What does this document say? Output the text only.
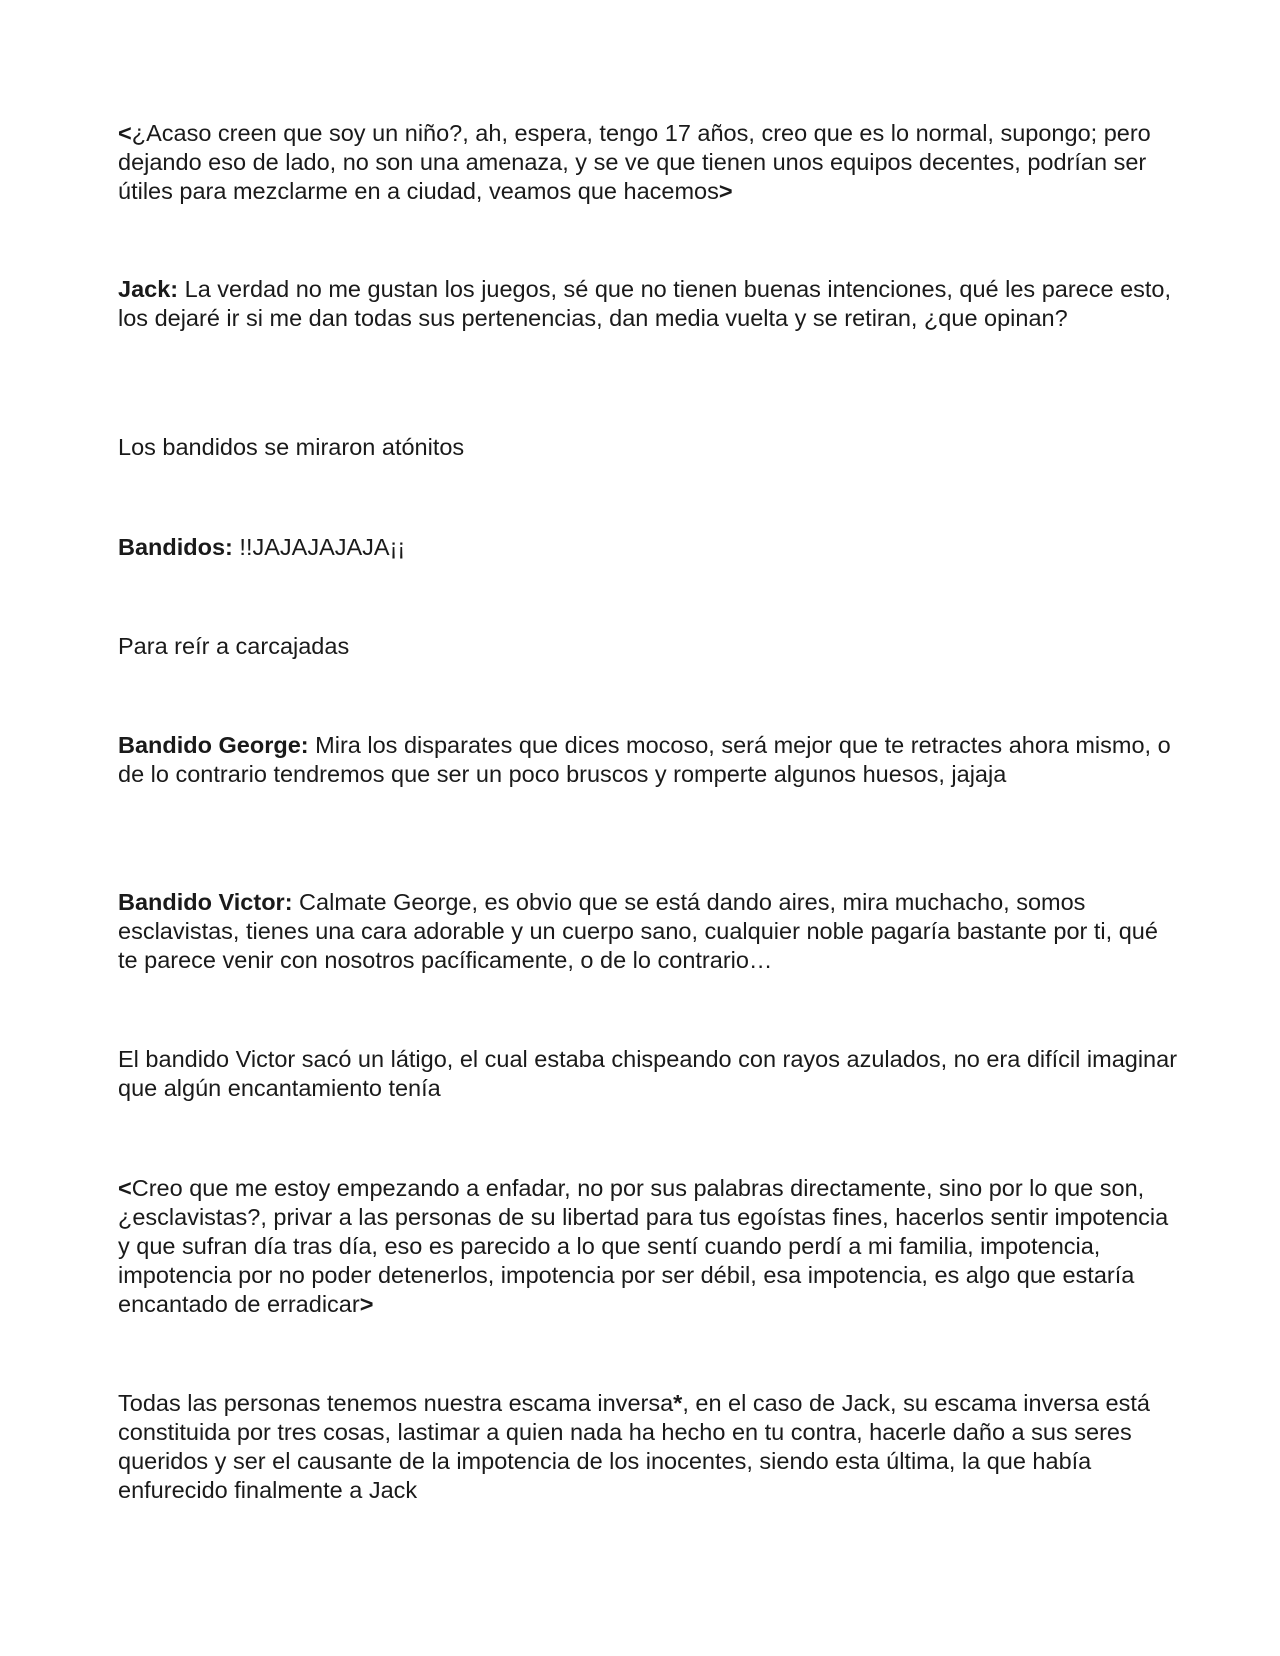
<¿Acaso creen que soy un niño?, ah, espera, tengo 17 años, creo que es lo normal, supongo; pero dejando eso de lado, no son una amenaza, y se ve que tienen unos equipos decentes, podrían ser útiles para mezclarme en a ciudad, veamos que hacemos>

Jack: La verdad no me gustan los juegos, sé que no tienen buenas intenciones, qué les parece esto, los dejaré ir si me dan todas sus pertenencias, dan media vuelta y se retiran, ¿que opinan?

Los bandidos se miraron atónitos

Bandidos: !!JAJAJAJAJA¡¡

Para reír a carcajadas

Bandido George: Mira los disparates que dices mocoso, será mejor que te retractes ahora mismo, o de lo contrario tendremos que ser un poco bruscos y romperte algunos huesos, jajaja

Bandido Victor: Calmate George, es obvio que se está dando aires, mira muchacho, somos esclavistas, tienes una cara adorable y un cuerpo sano, cualquier noble pagaría bastante por ti, qué te parece venir con nosotros pacíficamente, o de lo contrario…

El bandido Victor sacó un látigo, el cual estaba chispeando con rayos azulados, no era difícil imaginar que algún encantamiento tenía

<Creo que me estoy empezando a enfadar, no por sus palabras directamente, sino por lo que son, ¿esclavistas?, privar a las personas de su libertad para tus egoístas fines, hacerlos sentir impotencia y que sufran día tras día, eso es parecido a lo que sentí cuando perdí a mi familia, impotencia, impotencia por no poder detenerlos, impotencia por ser débil, esa impotencia, es algo que estaría encantado de erradicar>

Todas las personas tenemos nuestra escama inversa*, en el caso de Jack, su escama inversa está constituida por tres cosas, lastimar a quien nada ha hecho en tu contra, hacerle daño a sus seres queridos y ser el causante de la impotencia de los inocentes, siendo esta última, la que había enfurecido finalmente a Jack
